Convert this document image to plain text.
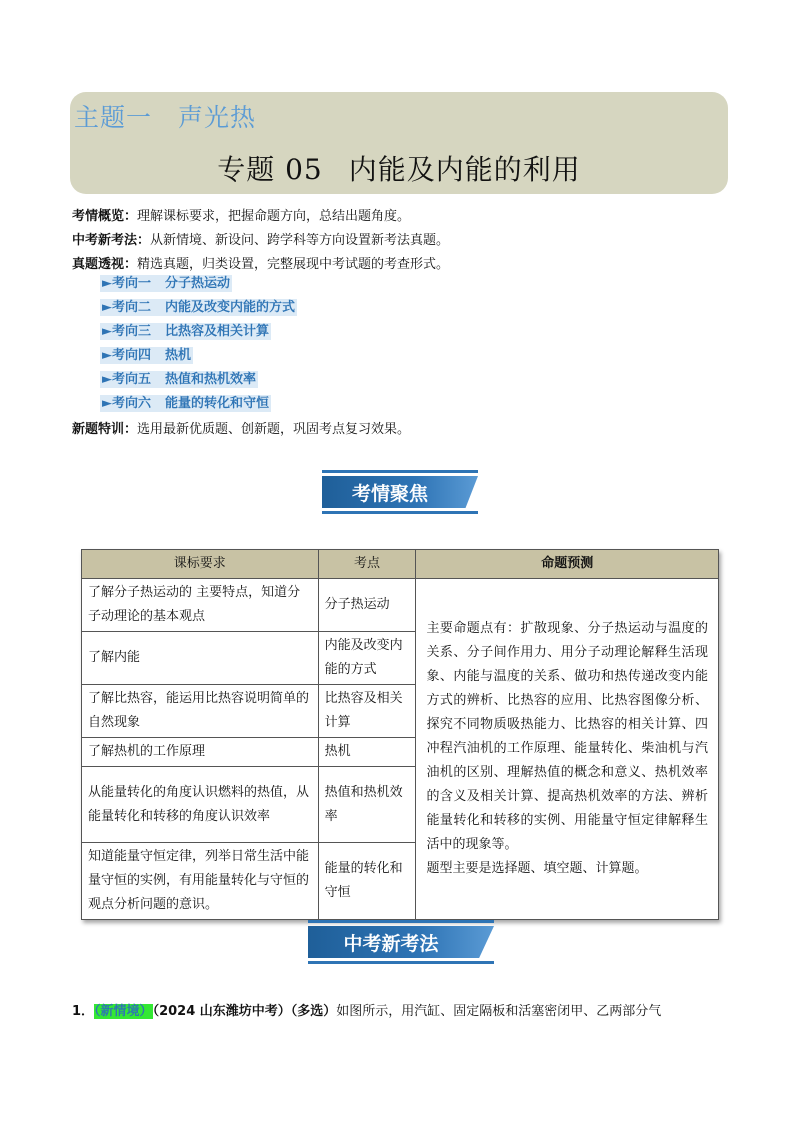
主题一 声光热
专题 05 内能及内能的利用
考情概览：理解课标要求，把握命题方向，总结出题角度。
中考新考法：从新情境、新设问、跨学科等方向设置新考法真题。
真题透视：精选真题，归类设置，完整展现中考试题的考查形式。
►考向一 分子热运动
►考向二 内能及改变内能的方式
►考向三 比热容及相关计算
►考向四 热机
►考向五 热值和热机效率
►考向六 能量的转化和守恒
新题特训：选用最新优质题、创新题，巩固考点复习效果。
考情聚焦
课标要求	考点	命题预测
了解分子热运动的 主要特点，知道分子动理论的基本观点	分子热运动	主要命题点有：扩散现象、分子热运动与温度的关系、分子间作用力、用分子动理论解释生活现象、内能与温度的关系、做功和热传递改变内能方式的辨析、比热容的应用、比热容图像分析、探究不同物质吸热能力、比热容的相关计算、四冲程汽油机的工作原理、能量转化、柴油机与汽油机的区别、理解热值的概念和意义、热机效率的含义及相关计算、提高热机效率的方法、辨析能量转化和转移的实例、用能量守恒定律解释生活中的现象等。
题型主要是选择题、填空题、计算题。

了解内能	内能及改变内能的方式	
了解比热容，能运用比热容说明简单的自然现象	比热容及相关计算	
了解热机的工作原理	热机	
从能量转化的角度认识燃料的热值，从能量转化和转移的角度认识效率	热值和热机效率	
知道能量守恒定律，列举日常生活中能量守恒的实例，有用能量转化与守恒的观点分析问题的意识。	能量的转化和守恒	
中考新考法
1．（新情境）（2024 山东潍坊中考）（多选）如图所示，用汽缸、固定隔板和活塞密闭甲、乙两部分气
